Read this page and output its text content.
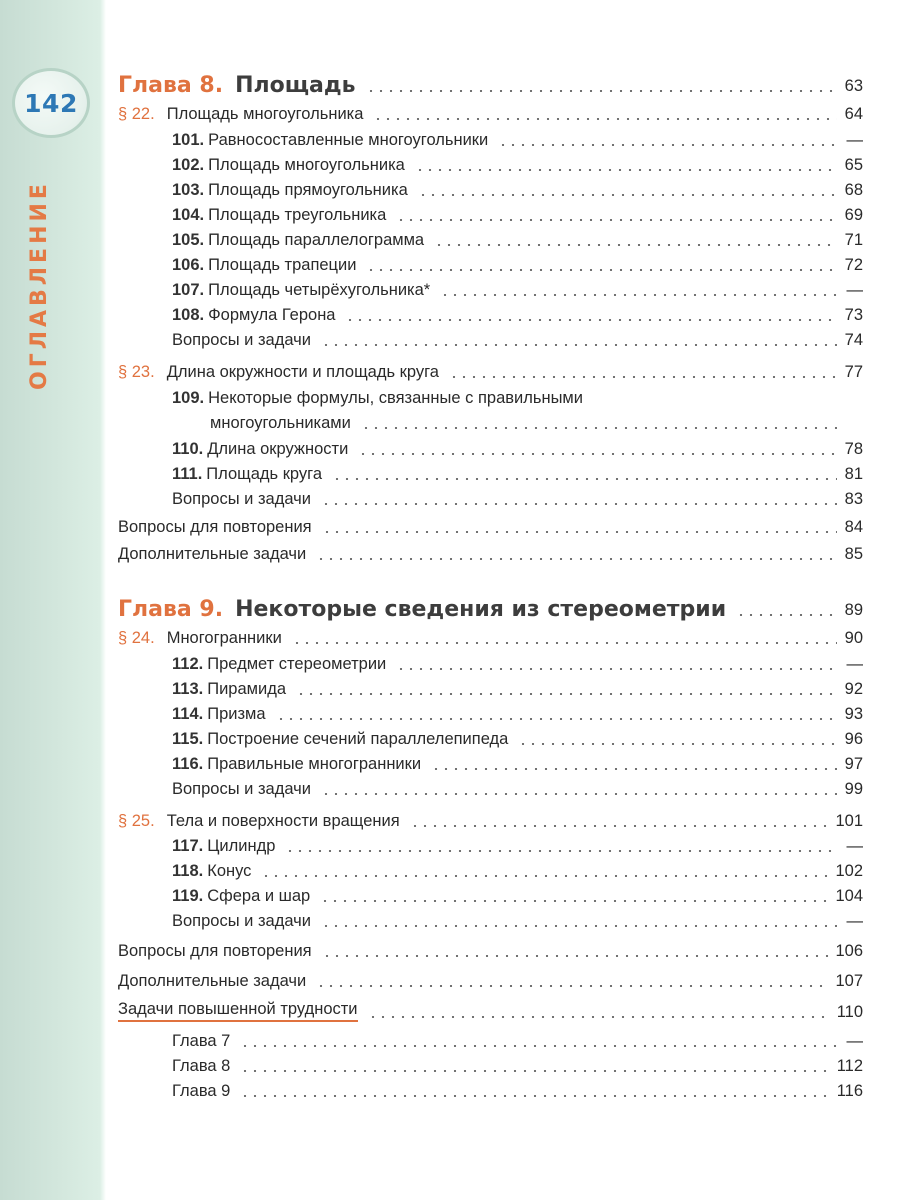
142
ОГЛАВЛЕНИЕ
Глава 8. Площадь	63
§ 22. Площадь многоугольника	64
101. Равносоставленные многоугольники	—
102. Площадь многоугольника	65
103. Площадь прямоугольника	68
104. Площадь треугольника	69
105. Площадь параллелограмма	71
106. Площадь трапеции	72
107. Площадь четырёхугольника*	—
108. Формула Герона	73
Вопросы и задачи	74
§ 23. Длина окружности и площадь круга	77
109. Некоторые формулы, связанные с правильными
многоугольниками
110. Длина окружности	78
111. Площадь круга	81
Вопросы и задачи	83
Вопросы для повторения	84
Дополнительные задачи	85
Глава 9. Некоторые сведения из стереометрии	89
§ 24. Многогранники	90
112. Предмет стереометрии	—
113. Пирамида	92
114. Призма	93
115. Построение сечений параллелепипеда	96
116. Правильные многогранники	97
Вопросы и задачи	99
§ 25. Тела и поверхности вращения	101
117. Цилиндр	—
118. Конус	102
119. Сфера и шар	104
Вопросы и задачи	—
Вопросы для повторения	106
Дополнительные задачи	107
Задачи повышенной трудности	110
Глава 7	—
Глава 8	112
Глава 9	116
